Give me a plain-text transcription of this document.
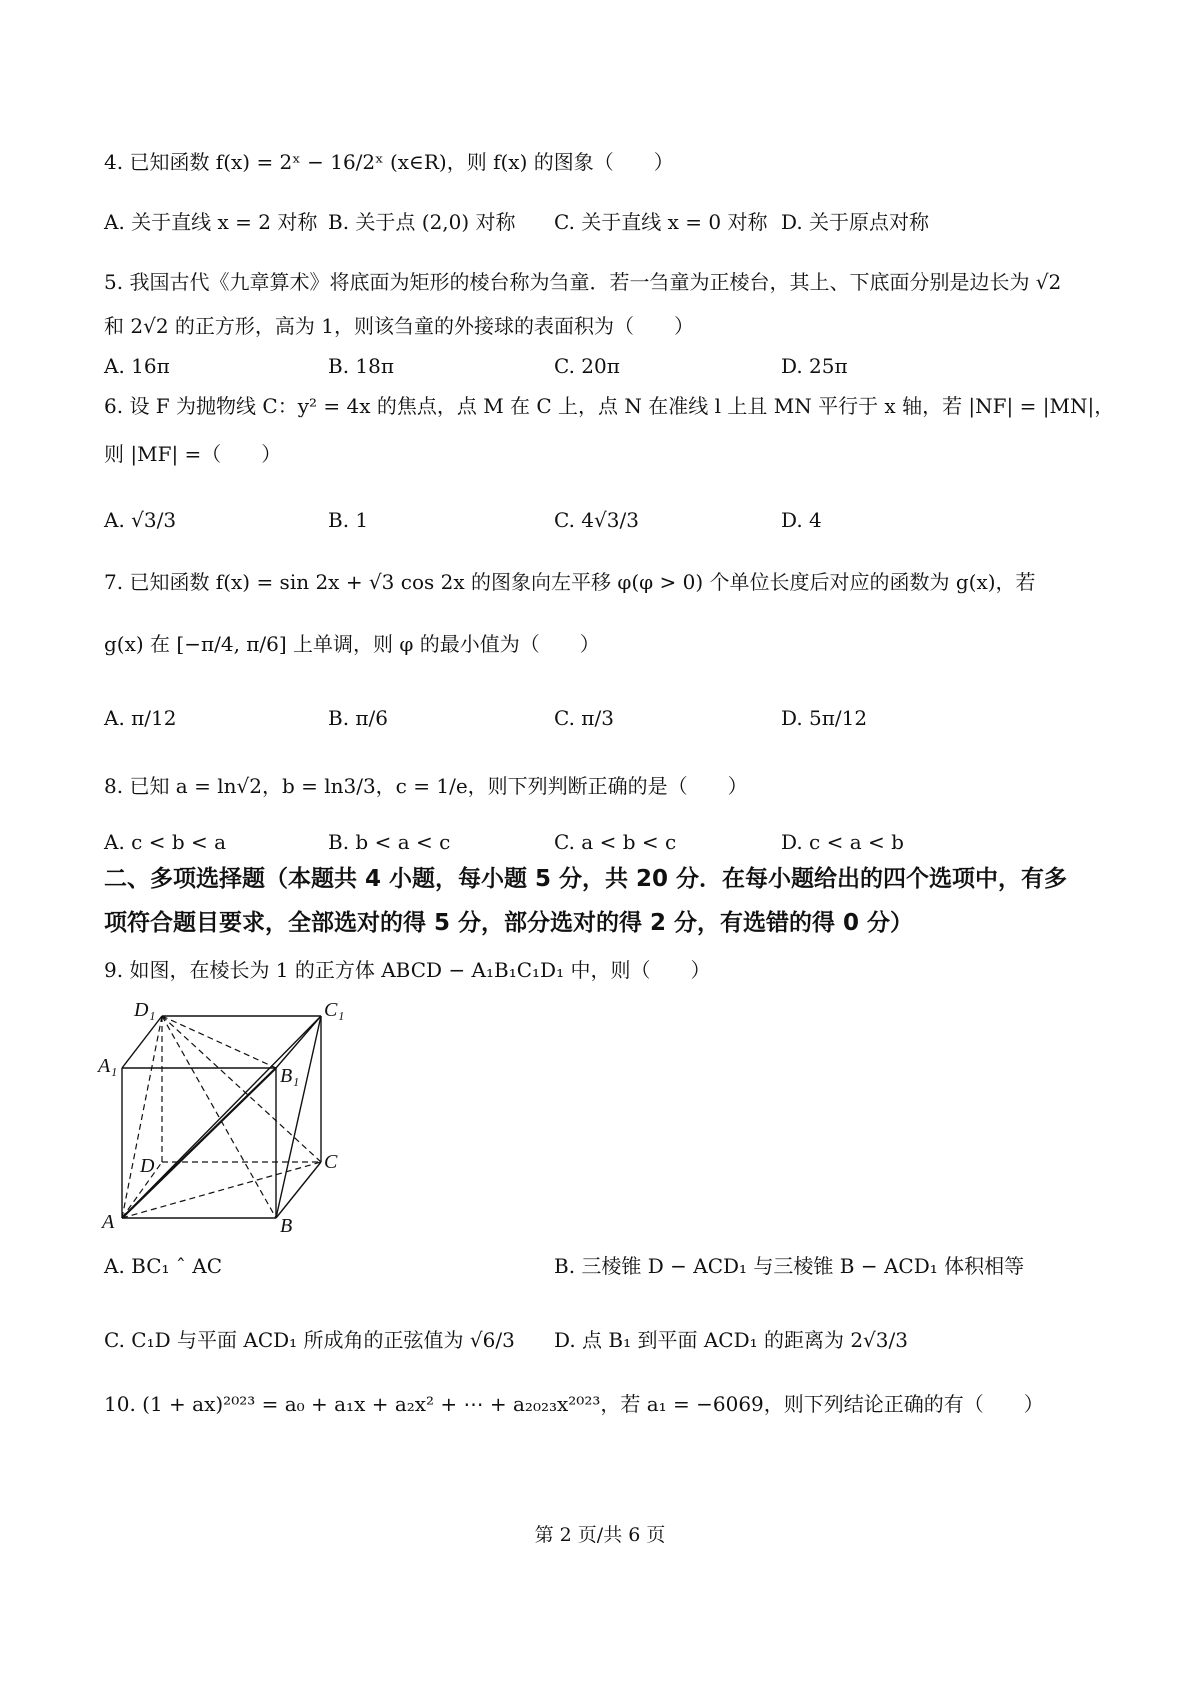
4. 已知函数 f(x) = 2ˣ − 16/2ˣ (x∈R)，则 f(x) 的图象（　　）
A. 关于直线 x = 2 对称 B. 关于点 (2,0) 对称 C. 关于直线 x = 0 对称 D. 关于原点对称
5. 我国古代《九章算术》将底面为矩形的棱台称为刍童．若一刍童为正棱台，其上、下底面分别是边长为 √2
和 2√2 的正方形，高为 1，则该刍童的外接球的表面积为（　　）
A. 16π	B. 18π	C. 20π	D. 25π
6. 设 F 为抛物线 C：y² = 4x 的焦点，点 M 在 C 上，点 N 在准线 l 上且 MN 平行于 x 轴，若 |NF| = |MN|，
则 |MF| =（　　）
A. √3/3	B. 1	C. 4√3/3	D. 4
7. 已知函数 f(x) = sin 2x + √3 cos 2x 的图象向左平移 φ(φ > 0) 个单位长度后对应的函数为 g(x)，若
g(x) 在 [−π/4, π/6] 上单调，则 φ 的最小值为（　　）
A. π/12	B. π/6	C. π/3	D. 5π/12
8. 已知 a = ln√2，b = ln3/3，c = 1/e，则下列判断正确的是（　　）
A. c < b < a	B. b < a < c	C. a < b < c	D. c < a < b
二、多项选择题（本题共 4 小题，每小题 5 分，共 20 分．在每小题给出的四个选项中，有多
项符合题目要求，全部选对的得 5 分，部分选对的得 2 分，有选错的得 0 分）
9. 如图，在棱长为 1 的正方体 ABCD − A₁B₁C₁D₁ 中，则（　　）
D₁	C₁
A₁	B₁
D	C
A	B
A. BC₁ ˆ AC	B. 三棱锥 D − ACD₁ 与三棱锥 B − ACD₁ 体积相等
C. C₁D 与平面 ACD₁ 所成角的正弦值为 √6/3 D. 点 B₁ 到平面 ACD₁ 的距离为 2√3/3
10. (1 + ax)²⁰²³ = a₀ + a₁x + a₂x² + ⋯ + a₂₀₂₃x²⁰²³，若 a₁ = −6069，则下列结论正确的有（　　）
第 2 页/共 6 页
